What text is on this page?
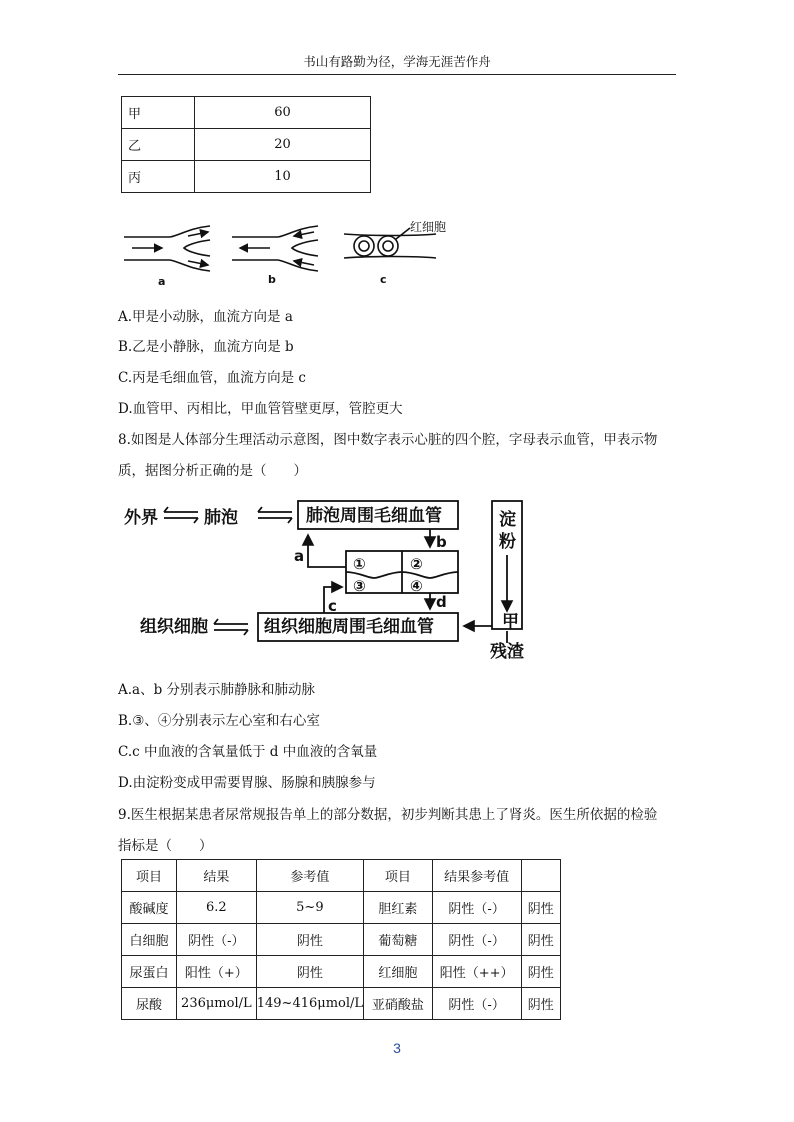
书山有路勤为径，学海无涯苦作舟
甲	60
乙	20
丙	10
红细胞
a	b	c
A.甲是小动脉，血流方向是 a
B.乙是小静脉，血流方向是 b
C.丙是毛细血管，血流方向是 c
D.血管甲、丙相比，甲血管管壁更厚，管腔更大
8.如图是人体部分生理活动示意图，图中数字表示心脏的四个腔，字母表示血管，甲表示物
质，据图分析正确的是（　　）
外界	肺泡	肺泡周围毛细血管
组织细胞	组织细胞周围毛细血管
淀
粉
甲
残渣
①	②
③	④
a
b
c	d
A.a、b 分别表示肺静脉和肺动脉
B.③、④分别表示左心室和右心室
C.c 中血液的含氧量低于 d 中血液的含氧量
D.由淀粉变成甲需要胃腺、肠腺和胰腺参与
9.医生根据某患者尿常规报告单上的部分数据，初步判断其患上了肾炎。医生所依据的检验
指标是（　　）
项目	结果	参考值	项目	结果参考值	
酸碱度	6.2	5~9	胆红素	阴性（-）	阴性
白细胞	阴性（-）	阴性	葡萄糖	阴性（-）	阴性
尿蛋白	阳性（+）	阴性	红细胞	阳性（++）	阴性
尿酸	236μmol/L	149~416μmol/L	亚硝酸盐	阴性（-）	阴性
3
